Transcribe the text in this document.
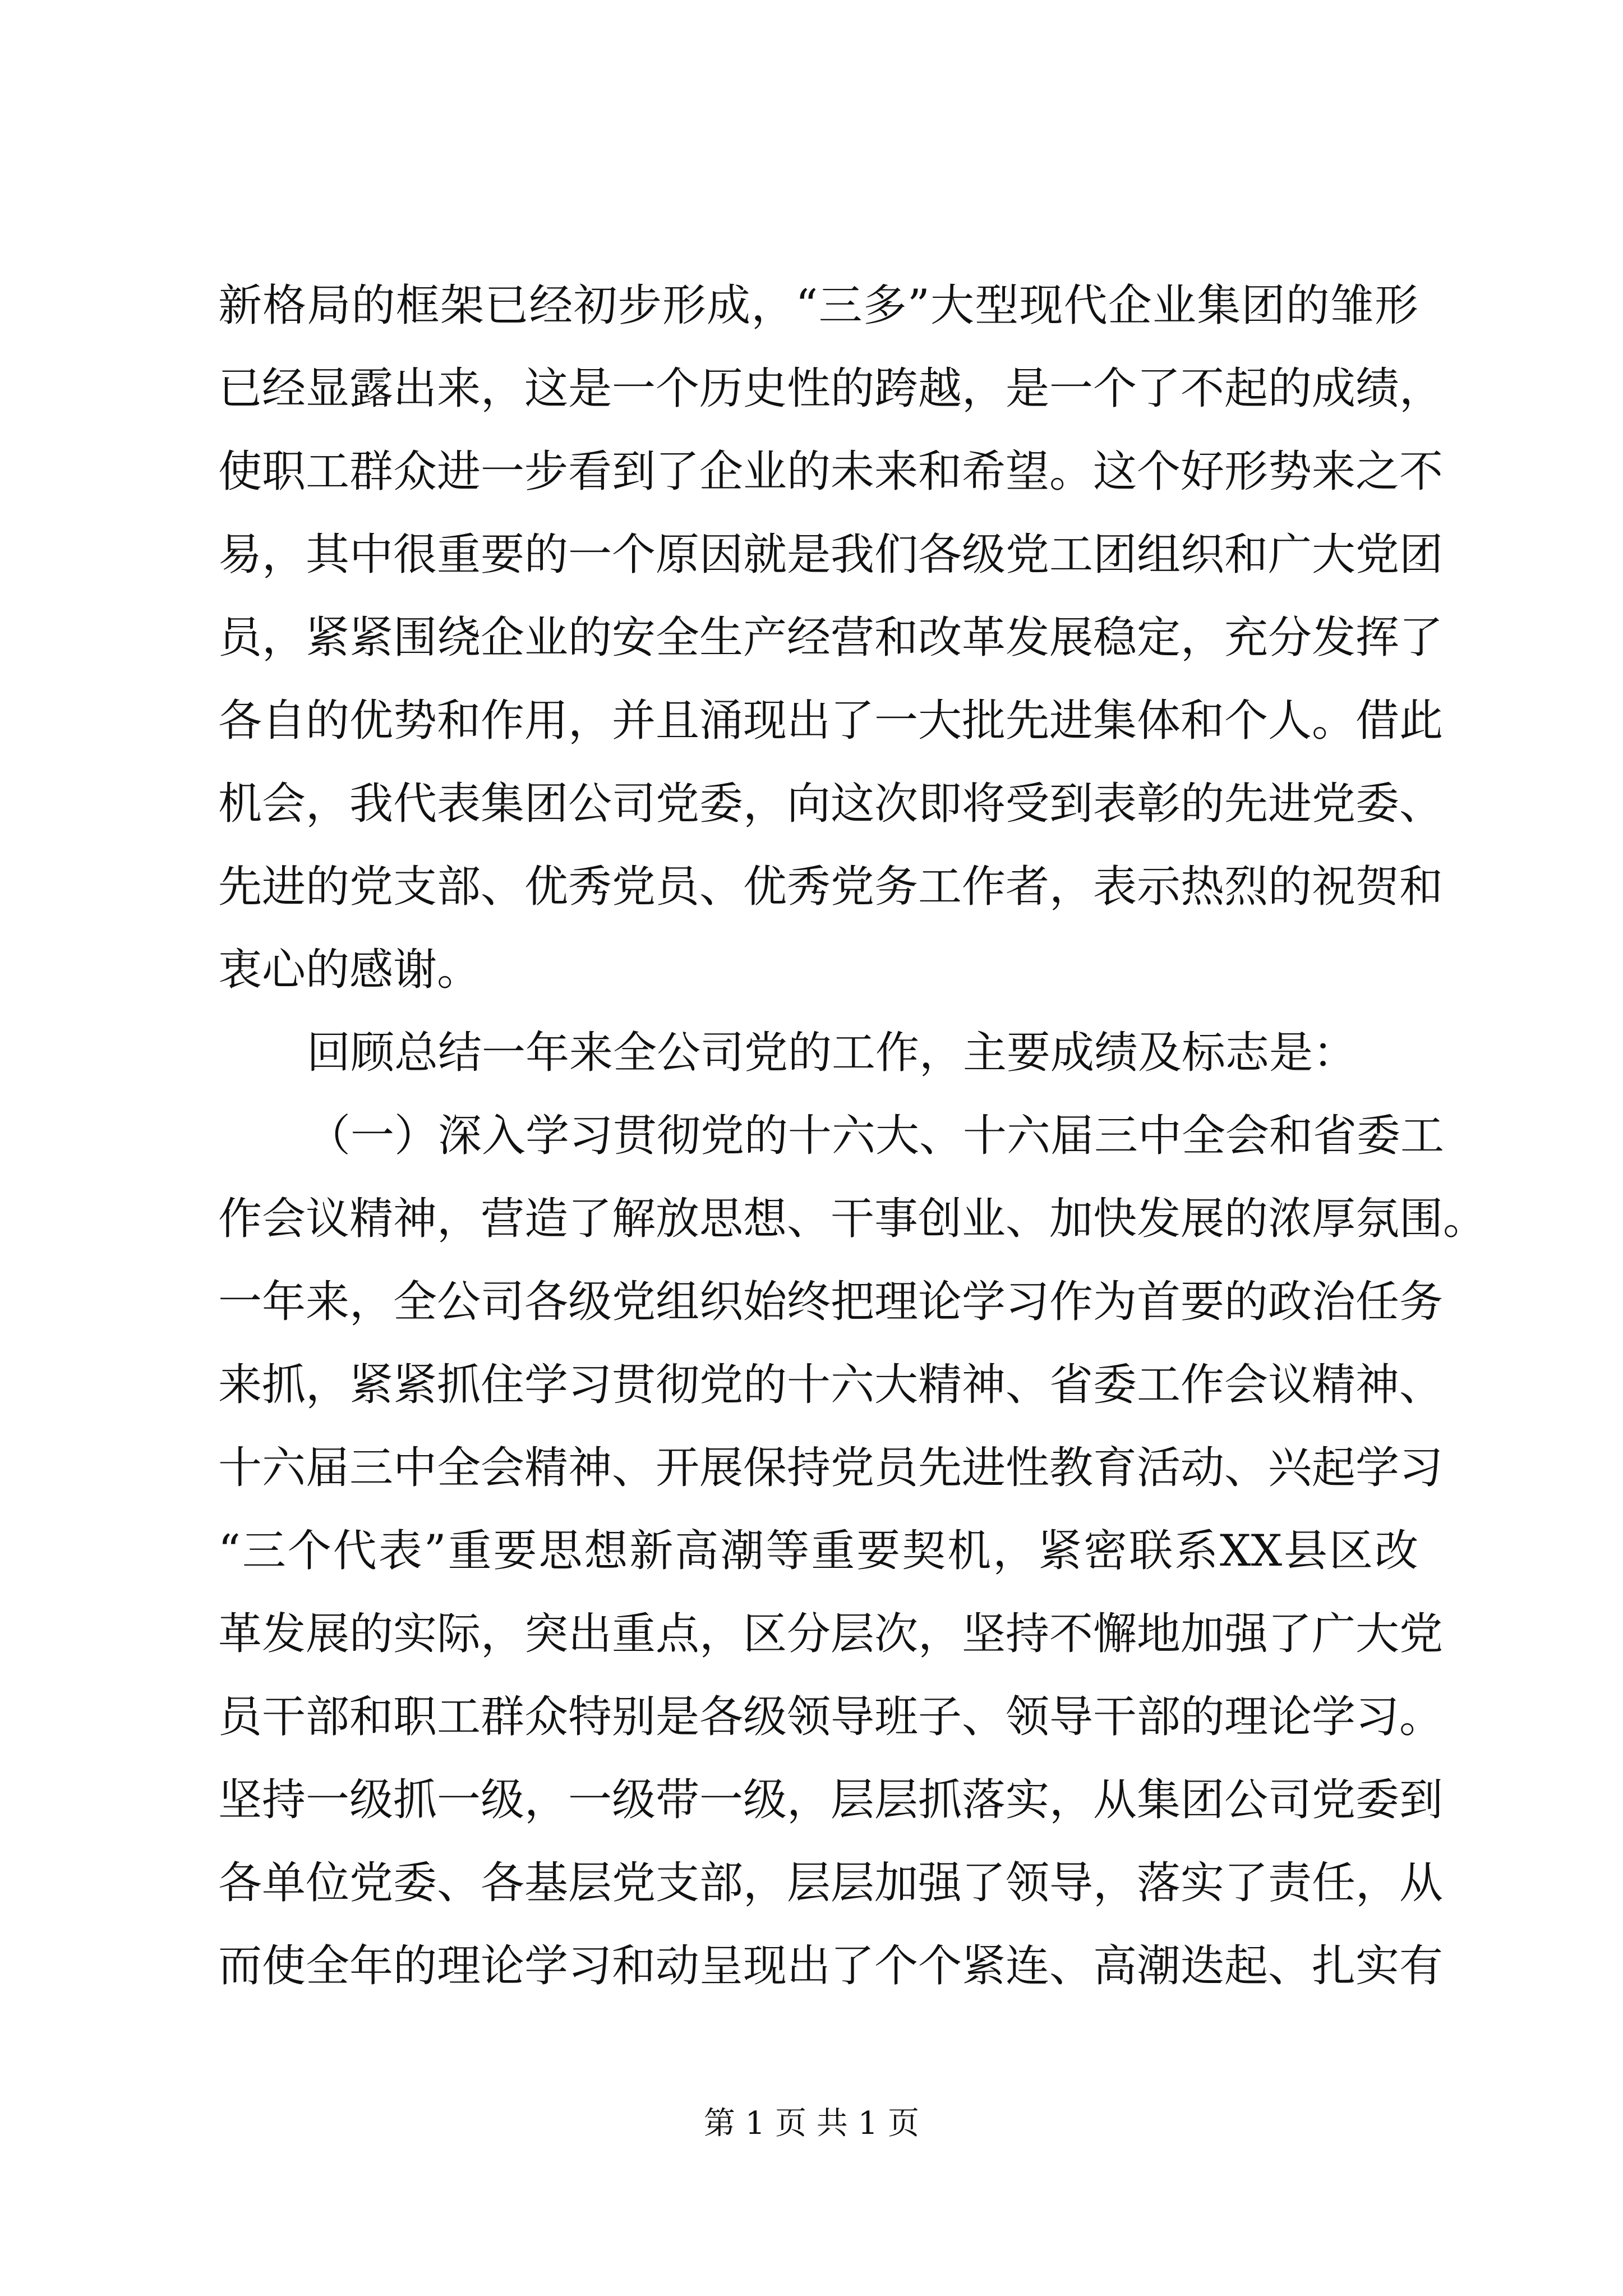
新格局的框架已经初步形成，“三多”大型现代企业集团的雏形
已经显露出来，这是一个历史性的跨越，是一个了不起的成绩，
使职工群众进一步看到了企业的未来和希望。这个好形势来之不
易，其中很重要的一个原因就是我们各级党工团组织和广大党团
员，紧紧围绕企业的安全生产经营和改革发展稳定，充分发挥了
各自的优势和作用，并且涌现出了一大批先进集体和个人。借此
机会，我代表集团公司党委，向这次即将受到表彰的先进党委、
先进的党支部、优秀党员、优秀党务工作者，表示热烈的祝贺和
衷心的感谢。
回顾总结一年来全公司党的工作，主要成绩及标志是：
（一）深入学习贯彻党的十六大、十六届三中全会和省委工
作会议精神，营造了解放思想、干事创业、加快发展的浓厚氛围。
一年来，全公司各级党组织始终把理论学习作为首要的政治任务
来抓，紧紧抓住学习贯彻党的十六大精神、省委工作会议精神、
十六届三中全会精神、开展保持党员先进性教育活动、兴起学习
“三个代表”重要思想新高潮等重要契机，紧密联系XX县区改
革发展的实际，突出重点，区分层次，坚持不懈地加强了广大党
员干部和职工群众特别是各级领导班子、领导干部的理论学习。
坚持一级抓一级，一级带一级，层层抓落实，从集团公司党委到
各单位党委、各基层党支部，层层加强了领导，落实了责任，从
而使全年的理论学习和动呈现出了个个紧连、高潮迭起、扎实有
第 1 页 共 1 页
